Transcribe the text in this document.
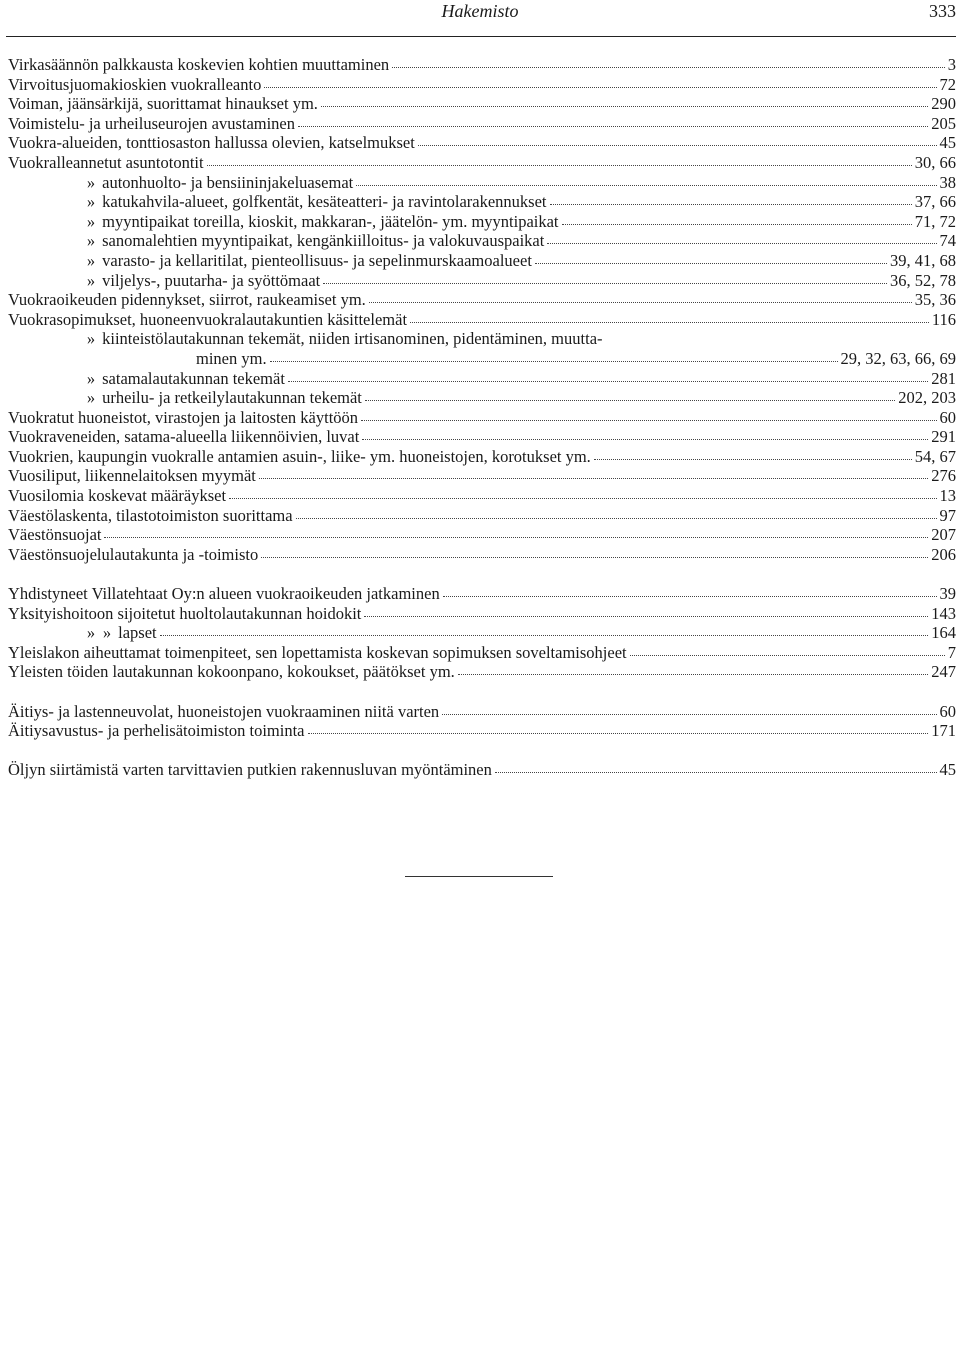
Hakemisto	333
Virkasäännön palkkausta koskevien kohtien muuttaminen	3
Virvoitusjuomakioskien vuokralleanto	72
Voiman, jäänsärkijä, suorittamat hinaukset ym.	290
Voimistelu- ja urheiluseurojen avustaminen	205
Vuokra-alueiden, tonttiosaston hallussa olevien, katselmukset	45
Vuokralleannetut asuntotontit	30, 66
» autonhuolto- ja bensiininjakeluasemat	38
» katukahvila-alueet, golfkentät, kesäteatteri- ja ravintolarakennukset	37, 66
» myyntipaikat toreilla, kioskit, makkaran-, jäätelön- ym. myyntipaikat	71, 72
» sanomalehtien myyntipaikat, kengänkiilloitus- ja valokuvauspaikat	74
» varasto- ja kellaritilat, pienteollisuus- ja sepelinmurskaamoalueet	39, 41, 68
» viljelys-, puutarha- ja syöttömaat	36, 52, 78
Vuokraoikeuden pidennykset, siirrot, raukeamiset ym.	35, 36
Vuokrasopimukset, huoneenvuokralautakuntien käsittelemät	116
» kiinteistölautakunnan tekemät, niiden irtisanominen, pidentäminen, muutta-
minen ym.	29, 32, 63, 66, 69
» satamalautakunnan tekemät	281
» urheilu- ja retkeilylautakunnan tekemät	202, 203
Vuokratut huoneistot, virastojen ja laitosten käyttöön	60
Vuokraveneiden, satama-alueella liikennöivien, luvat	291
Vuokrien, kaupungin vuokralle antamien asuin-, liike- ym. huoneistojen, korotukset ym.	54, 67
Vuosiliput, liikennelaitoksen myymät	276
Vuosilomia koskevat määräykset	13
Väestölaskenta, tilastotoimiston suorittama	97
Väestönsuojat	207
Väestönsuojelulautakunta ja -toimisto	206
Yhdistyneet Villatehtaat Oy:n alueen vuokraoikeuden jatkaminen	39
Yksityishoitoon sijoitetut huoltolautakunnan hoidokit	143
» » lapset	164
Yleislakon aiheuttamat toimenpiteet, sen lopettamista koskevan sopimuksen soveltamisohjeet	7
Yleisten töiden lautakunnan kokoonpano, kokoukset, päätökset ym.	247
Äitiys- ja lastenneuvolat, huoneistojen vuokraaminen niitä varten	60
Äitiysavustus- ja perhelisätoimiston toiminta	171
Öljyn siirtämistä varten tarvittavien putkien rakennusluvan myöntäminen	45
